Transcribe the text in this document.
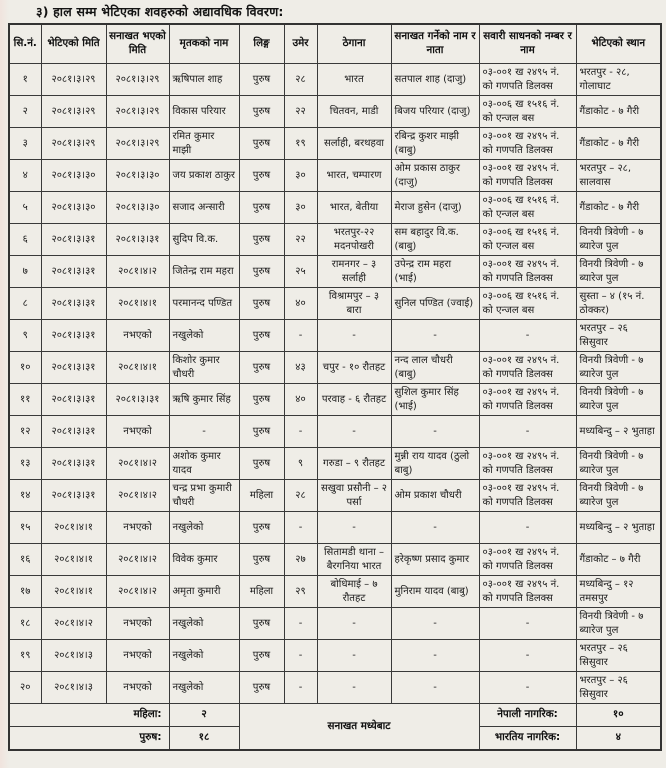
३) हाल सम्म भेटिएका शवहरुको अद्यावधिक विवरण:
सि.नं.	भेटिएको मिति	सनाखत भएको मिति	मृतकको नाम	लिङ्ग	उमेर	ठेगाना	सनाखत गर्नेको नाम र नाता	सवारी साधनको नम्बर र नाम	भेटिएको स्थान
१	२०८१।३।२९	२०८१।३।२९	ऋषिपाल शाह	पुरुष	२८	भारत	सतपाल शाह (दाजु)	०३-००१ ख २४९५ नं. को गणपति डिलक्स	भरतपुर - २८, गोलाघाट
२	२०८१।३।२९	२०८१।३।२९	विकास परियार	पुरुष	२२	चितवन, माडी	बिजय परियार (दाजु)	०३-००६ ख १५१६ नं. को एन्जल बस	गैंडाकोट - ७ गैरी
३	२०८१।३।२९	२०८१।३।२९	रमित कुमार माझी	पुरुष	१९	सर्लाही, बरथहवा	रबिन्द्र कुशर माझी (बाबु)	०३-००१ ख २४९५ नं. को गणपति डिलक्स	गैंडाकोट - ७ गैरी
४	२०८१।३।३०	२०८१।३।३०	जय प्रकाश ठाकुर	पुरुष	३०	भारत, चम्पारण	ओम प्रकास ठाकुर (दाजु)	०३-००१ ख २४९५ नं. को गणपति डिलक्स	भरतपुर – २८, सालवास
५	२०८१।३।३०	२०८१।३।३०	सजाद अन्सारी	पुरुष	३०	भारत, बेतीया	मेराज हुसेन (दाजु)	०३-००६ ख १५१६ नं. को एन्जल बस	गैंडाकोट - ७ गैरी
६	२०८१।३।३१	२०८१।३।३१	सुदिप वि.क.	पुरुष	२२	भरतपुर-२२ मदनपोखरी	सम बहादुर वि.क. (बाबु)	०३-००६ ख १५१६ नं. को एन्जल बस	विनयी त्रिवेणी - ७ ब्यारेज पुल
७	२०८१।३।३१	२०८१।४।२	जितेन्द्र राम महरा	पुरुष	२५	रामनगर – ३ सर्लाही	उपेन्द्र राम महरा (भाई)	०३-००१ ख २४९५ नं. को गणपति डिलक्स	विनयी त्रिवेणी - ७ ब्यारेज पुल
८	२०८१।३।३१	२०८१।४।१	परमानन्द पण्डित	पुरुष	४०	विश्रामपुर – ३ बारा	सुनिल पण्डित (ज्वाई)	०३-००६ ख १५१६ नं. को एन्जल बस	सुस्ता – ४ (१५ नं. ठोक्कर)
९	२०८१।३।३१	नभएको	नखुलेको	पुरुष	-	-	-	-	भरतपुर – २६ सिसुवार
१०	२०८१।३।३१	२०८१।४।१	किशोर कुमार चौधरी	पुरुष	४३	चपुर - १० रौतहट	नन्द लाल चौधरी (बाबु)	०३-००१ ख २४९५ नं. को गणपति डिलक्स	विनयी त्रिवेणी - ७ ब्यारेज पुल
११	२०८१।३।३१	२०८१।३।३१	ऋषि कुमार सिंह	पुरुष	४०	परवाह - ६ रौतहट	सुशिल कुमार सिंह (भाई)	०३-००१ ख २४९५ नं. को गणपति डिलक्स	विनयी त्रिवेणी - ७ ब्यारेज पुल
१२	२०८१।३।३१	नभएको	-	पुरुष	-	-	-	-	मध्यबिन्दु – २ भुताहा
१३	२०८१।३।३१	२०८१।४।२	अशोक कुमार यादव	पुरुष	९	गरुडा – ९ रौतहट	मुन्नी राय यादव (ठुलो बाबु)	०३-००१ ख २४९५ नं. को गणपति डिलक्स	विनयी त्रिवेणी - ७ ब्यारेज पुल
१४	२०८१।३।३१	२०८१।४।२	चन्द्र प्रभा कुमारी चौधरी	महिला	२८	सखुवा प्रसौनी – २ पर्सा	ओम प्रकाश चौधरी	०३-००१ ख २४९५ नं. को गणपति डिलक्स	विनयी त्रिवेणी - ७ ब्यारेज पुल
१५	२०८१।४।१	नभएको	नखुलेको	पुरुष	-	-	-	-	मध्यबिन्दु – २ भुताहा
१६	२०८१।४।१	२०८१।४।२	विवेक कुमार	पुरुष	२७	सितामडी थाना – बैरगनिया भारत	हरेकृष्ण प्रसाद कुमार	०३-००१ ख २४९५ नं. को गणपति डिलक्स	गैंडाकोट – ७ गैरी
१७	२०८१।४।१	२०८१।४।२	अमृता कुमारी	महिला	२९	बोधिमाई – ७ रौतहट	मुनिराम यादव (बाबु)	०३-००१ ख २४९५ नं. को गणपति डिलक्स	मध्यबिन्दु – १२ तमसपुर
१८	२०८१।४।२	नभएको	नखुलेको	पुरुष	-	-	-	-	विनयी त्रिवेणी - ७ ब्यारेज पुल
१९	२०८१।४।३	नभएको	नखुलेको	पुरुष	-	-	-	-	भरतपुर – २६ सिसुवार
२०	२०८१।४।३	नभएको	नखुलेको	पुरुष	-	-	-	-	भरतपुर – २६ सिसुवार
महिला:			२	सनाखत मध्येबाट				नेपाली नागरिक:	१०
पुरुष:			१८					भारतिय नागरिक:	४
